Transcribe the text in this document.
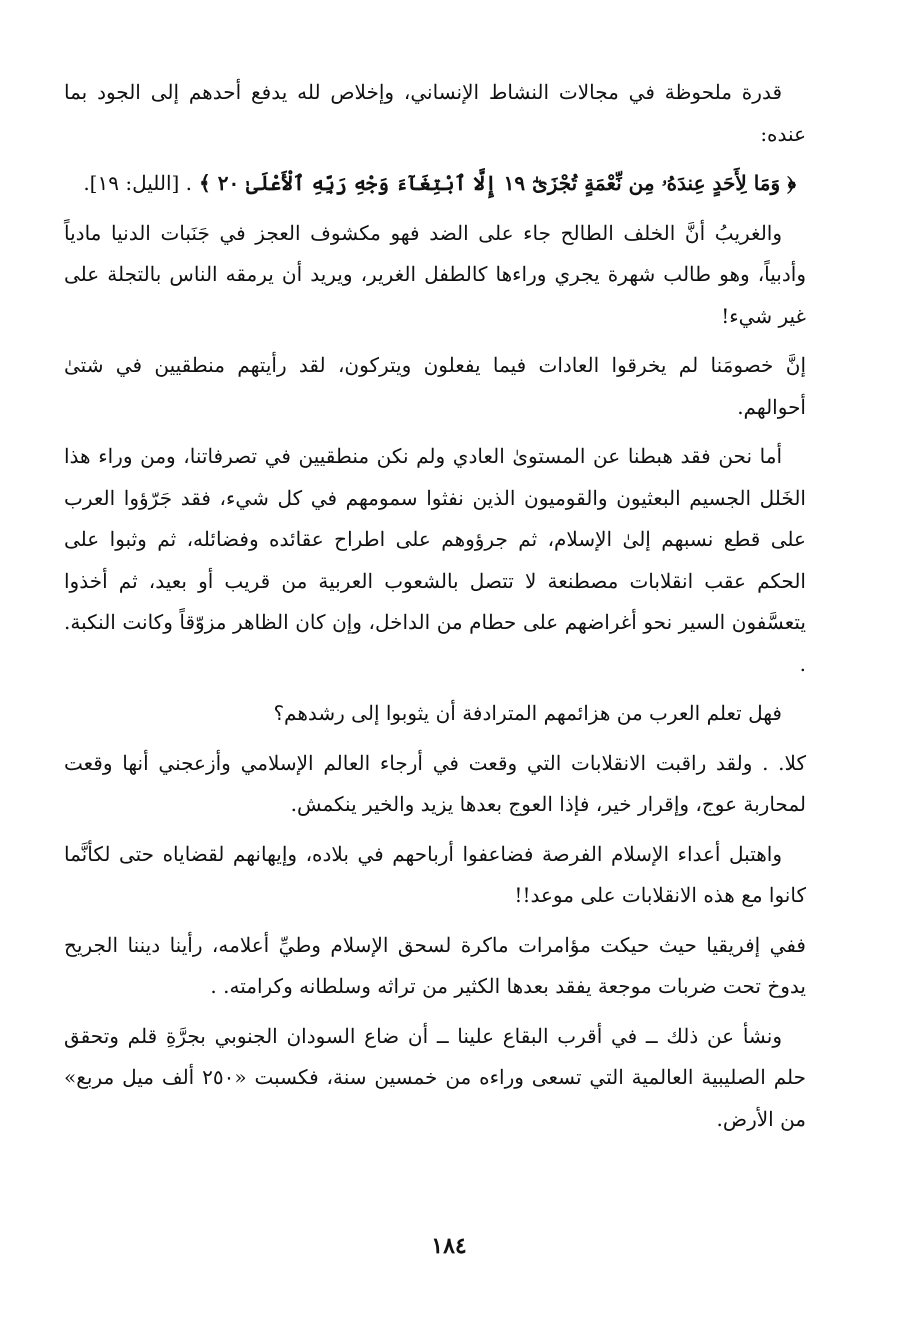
قدرة ملحوظة في مجالات النشاط الإنساني، وإخلاص لله يدفع أحدهم إلى الجود بما عنده:

﴿ وَمَا لِأَحَدٍ عِندَهُۥ مِن نِّعْمَةٍ تُجْزَىٰٓ ١٩ إِلَّا ٱبْتِغَآءَ وَجْهِ رَبِّهِ ٱلْأَعْلَىٰ ٢٠ ﴾ . [الليل: ١٩].

والغريبُ أنَّ الخلف الطالح جاء على الضد فهو مكشوف العجز في جَنَبات الدنيا مادياً وأدبياً، وهو طالب شهرة يجري وراءها كالطفل الغرير، ويريد أن يرمقه الناس بالتجلة على غير شيء!

إنَّ خصومَنا لم يخرقوا العادات فيما يفعلون ويتركون، لقد رأيتهم منطقيين في شتىٰ أحوالهم.

أما نحن فقد هبطنا عن المستوىٰ العادي ولم نكن منطقيين في تصرفاتنا، ومن وراء هذا الخَلل الجسيم البعثيون والقوميون الذين نفثوا سمومهم في كل شيء، فقد جَرّؤوا العرب على قطع نسبهم إلىٰ الإسلام، ثم جرؤوهم على اطراح عقائده وفضائله، ثم وثبوا على الحكم عقب انقلابات مصطنعة لا تتصل بالشعوب العربية من قريب أو بعيد، ثم أخذوا يتعسَّفون السير نحو أغراضهم على حطام من الداخل، وإن كان الظاهر مزوّقاً وكانت النكبة. .

فهل تعلم العرب من هزائمهم المترادفة أن يثوبوا إلى رشدهم؟

كلا. . ولقد راقبت الانقلابات التي وقعت في أرجاء العالم الإسلامي وأزعجني أنها وقعت لمحاربة عوج، وإقرار خير، فإذا العوج بعدها يزيد والخير ينكمش.

واهتبل أعداء الإسلام الفرصة فضاعفوا أرباحهم في بلاده، وإيهانهم لقضاياه حتى لكأنَّما كانوا مع هذه الانقلابات على موعد!!

ففي إفريقيا حيث حيكت مؤامرات ماكرة لسحق الإسلام وطيِّ أعلامه، رأينا ديننا الجريح يدوخ تحت ضربات موجعة يفقد بعدها الكثير من تراثه وسلطانه وكرامته. .

ونشأ عن ذلك ــ في أقرب البقاع علينا ــ أن ضاع السودان الجنوبي بجرَّةِ قلم وتحقق حلم الصليبية العالمية التي تسعى وراءه من خمسين سنة، فكسبت «٢٥٠ ألف ميل مربع» من الأرض.

١٨٤
